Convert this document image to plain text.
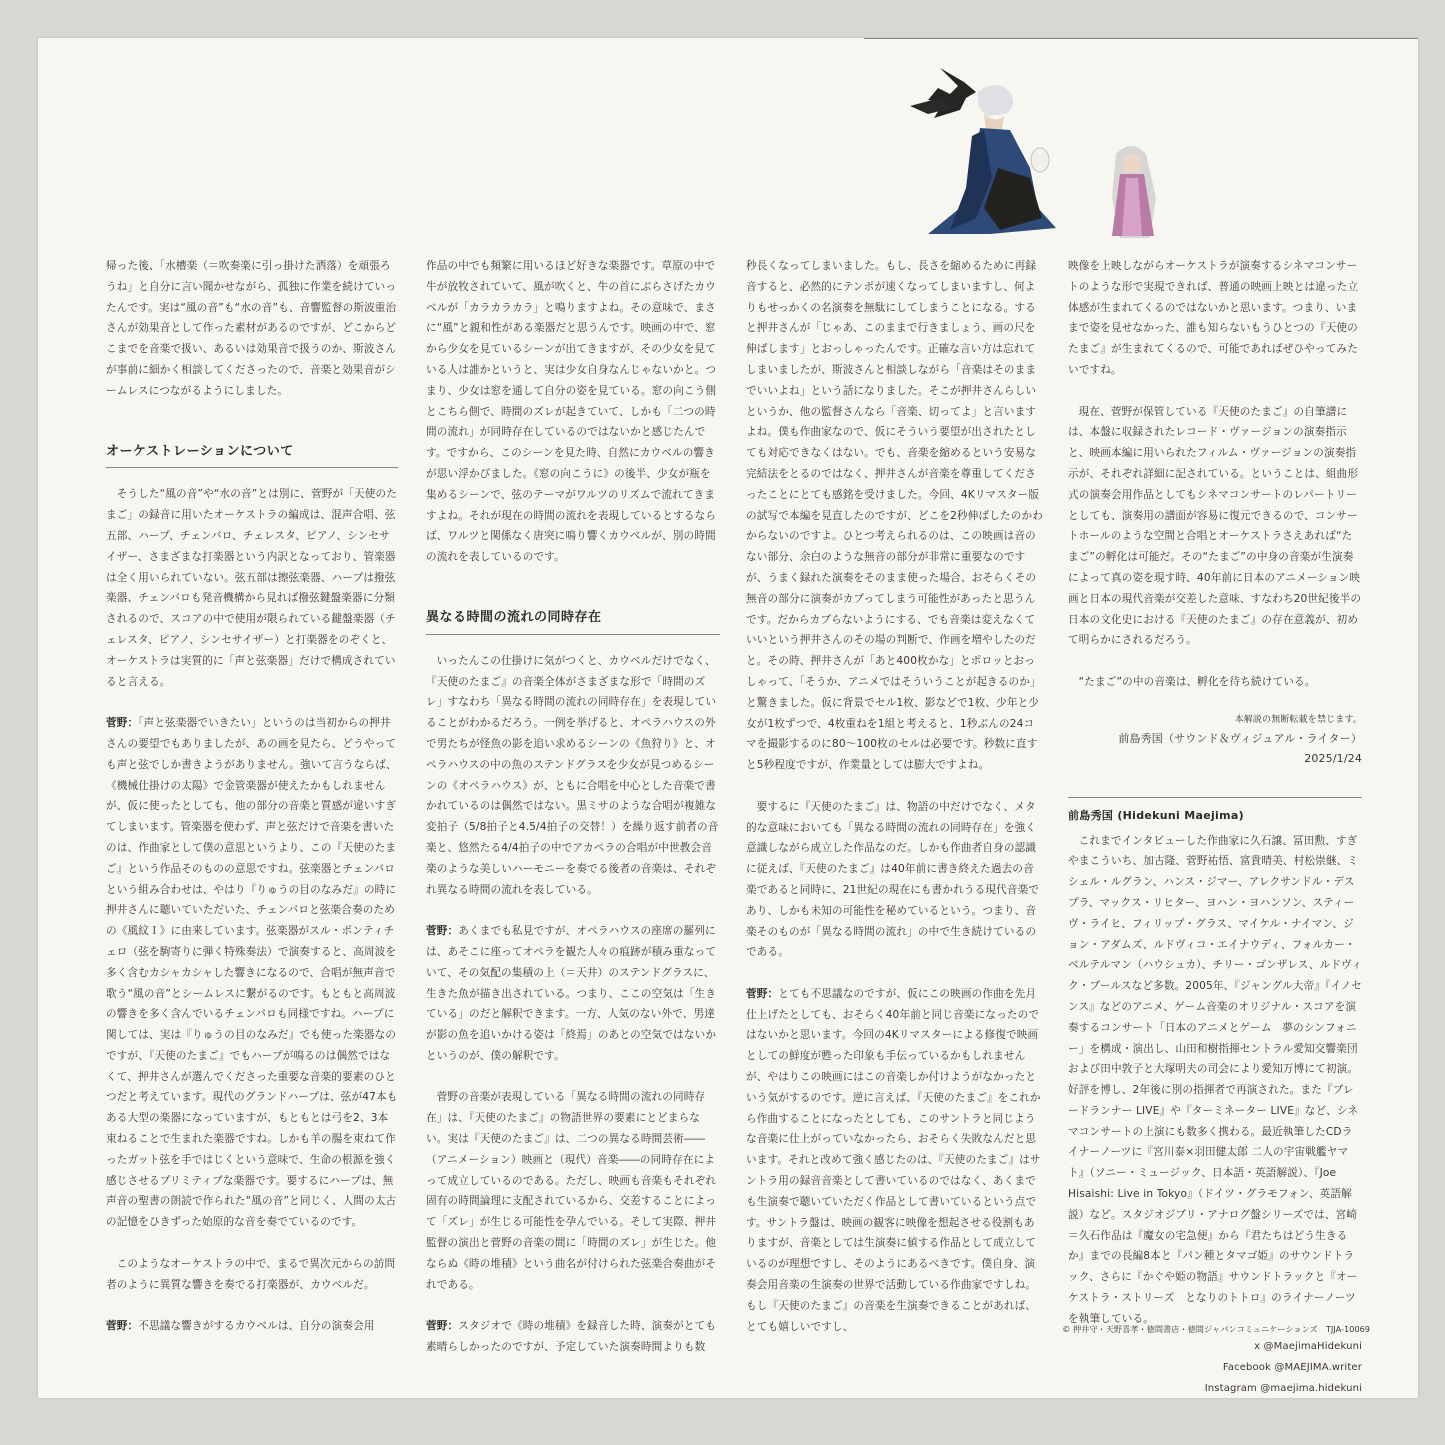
帰った後、「水槽楽（＝吹奏楽に引っ掛けた洒落）を頑張ろうね」と自分に言い聞かせながら、孤独に作業を続けていったんです。実は“風の音”も“水の音”も、音響監督の斯波重治さんが効果音として作った素材があるのですが、どこからどこまでを音楽で扱い、あるいは効果音で扱うのか、斯波さんが事前に細かく相談してくださったので、音楽と効果音がシームレスにつながるようにしました。

オーケストレーションについて

そうした“風の音”や“水の音”とは別に、菅野が「天使のたまご」の録音に用いたオーケストラの編成は、混声合唱、弦五部、ハープ、チェンバロ、チェレスタ、ピアノ、シンセサイザー、さまざまな打楽器という内訳となっており、管楽器は全く用いられていない。弦五部は擦弦楽器、ハープは撥弦楽器、チェンバロも発音機構から見れば撥弦鍵盤楽器に分類されるので、スコアの中で使用が限られている鍵盤楽器（チェレスタ、ピアノ、シンセサイザー）と打楽器をのぞくと、オーケストラは実質的に「声と弦楽器」だけで構成されていると言える。

菅野：「声と弦楽器でいきたい」というのは当初からの押井さんの要望でもありましたが、あの画を見たら、どうやっても声と弦でしか書きようがありません。強いて言うならば、《機械仕掛けの太陽》で金管楽器が使えたかもしれませんが、仮に使ったとしても、他の部分の音楽と質感が違いすぎてしまいます。管楽器を使わず、声と弦だけで音楽を書いたのは、作曲家として僕の意思というより、この『天使のたまご』という作品そのものの意思ですね。弦楽器とチェンバロという組み合わせは、やはり『りゅうの目のなみだ』の時に押井さんに聴いていただいた、チェンバロと弦楽合奏のための《風紋Ｉ》に由来しています。弦楽器がスル・ポンティチェロ（弦を駒寄りに弾く特殊奏法）で演奏すると、高周波を多く含むカシャカシャした響きになるので、合唱が無声音で歌う“風の音”とシームレスに繋がるのです。もともと高周波の響きを多く含んでいるチェンバロも同様ですね。ハープに関しては、実は『りゅうの目のなみだ』でも使った楽器なのですが、『天使のたまご』でもハープが鳴るのは偶然ではなくて、押井さんが選んでくださった重要な音楽的要素のひとつだと考えています。現代のグランドハープは、弦が47本もある大型の楽器になっていますが、もともとは弓を2、3本束ねることで生まれた楽器ですね。しかも羊の腸を束ねて作ったガット弦を手ではじくという意味で、生命の根源を強く感じさせるプリミティブな楽器です。要するにハープは、無声音の聖書の朗読で作られた“風の音”と同じく、人間の太古の記憶をひきずった始原的な音を奏でているのです。

このようなオーケストラの中で、まるで異次元からの訪問者のように異質な響きを奏でる打楽器が、カウベルだ。

菅野：不思議な響きがするカウベルは、自分の演奏会用

作品の中でも頻繁に用いるほど好きな楽器です。草原の中で牛が放牧されていて、風が吹くと、牛の首にぶらさげたカウベルが「カラカラカラ」と鳴りますよね。その意味で、まさに“風”と親和性がある楽器だと思うんです。映画の中で、窓から少女を見ているシーンが出てきますが、その少女を見ている人は誰かというと、実は少女自身なんじゃないかと。つまり、少女は窓を通して自分の姿を見ている。窓の向こう側とこちら側で、時間のズレが起きていて、しかも「二つの時間の流れ」が同時存在しているのではないかと感じたんです。ですから、このシーンを見た時、自然にカウベルの響きが思い浮かびました。《窓の向こうに》の後半、少女が瓶を集めるシーンで、弦のテーマがワルツのリズムで流れてきますよね。それが現在の時間の流れを表現しているとするならば、ワルツと関係なく唐突に鳴り響くカウベルが、別の時間の流れを表しているのです。

異なる時間の流れの同時存在

いったんこの仕掛けに気がつくと、カウベルだけでなく、『天使のたまご』の音楽全体がさまざまな形で「時間のズレ」すなわち「異なる時間の流れの同時存在」を表現していることがわかるだろう。一例を挙げると、オペラハウスの外で男たちが怪魚の影を追い求めるシーンの《魚狩り》と、オペラハウスの中の魚のステンドグラスを少女が見つめるシーンの《オペラハウス》が、ともに合唱を中心とした音楽で書かれているのは偶然ではない。黒ミサのような合唱が複雑な変拍子（5/8拍子と4.5/4拍子の交替！）を繰り返す前者の音楽と、悠然たる4/4拍子の中でアカペラの合唱が中世教会音楽のような美しいハーモニーを奏でる後者の音楽は、それぞれ異なる時間の流れを表している。

菅野：あくまでも私見ですが、オペラハウスの座席の羅列には、あそこに座ってオペラを観た人々の痕跡が積み重なっていて、その気配の集積の上（＝天井）のステンドグラスに、生きた魚が描き出されている。つまり、ここの空気は「生きている」のだと解釈できます。一方、人気のない外で、男達が影の魚を追いかける姿は「終焉」のあとの空気ではないかというのが、僕の解釈です。

菅野の音楽が表現している「異なる時間の流れの同時存在」は、『天使のたまご』の物語世界の要素にとどまらない。実は『天使のたまご』は、二つの異なる時間芸術――（アニメーション）映画と（現代）音楽――の同時存在によって成立しているのである。ただし、映画も音楽もそれぞれ固有の時間論理に支配されているから、交差することによって「ズレ」が生じる可能性を孕んでいる。そして実際、押井監督の演出と菅野の音楽の間に「時間のズレ」が生じた。他ならぬ《時の堆積》という曲名が付けられた弦楽合奏曲がそれである。

菅野：スタジオで《時の堆積》を録音した時、演奏がとても素晴らしかったのですが、予定していた演奏時間よりも数

秒長くなってしまいました。もし、長さを縮めるために再録音すると、必然的にテンポが速くなってしまいますし、何よりもせっかくの名演奏を無駄にしてしまうことになる。すると押井さんが「じゃあ、このままで行きましょう、画の尺を伸ばします」とおっしゃったんです。正確な言い方は忘れてしまいましたが、斯波さんと相談しながら「音楽はそのままでいいよね」という話になりました。そこが押井さんらしいというか、他の監督さんなら「音楽、切ってよ」と言いますよね。僕も作曲家なので、仮にそういう要望が出されたとしても対応できなくはない。でも、音楽を縮めるという安易な完結法をとるのではなく、押井さんが音楽を尊重してくださったことにとても感銘を受けました。今回、4Kリマスター版の試写で本編を見直したのですが、どこを2秒伸ばしたのかわからないのですよ。ひとつ考えられるのは、この映画は音のない部分、余白のような無音の部分が非常に重要なのですが、うまく録れた演奏をそのまま使った場合、おそらくその無音の部分に演奏がカブってしまう可能性があったと思うんです。だからカブらないようにする、でも音楽は変えなくていいという押井さんのその場の判断で、作画を増やしたのだと。その時、押井さんが「あと400枚かな」とポロッとおっしゃって、「そうか、アニメではそういうことが起きるのか」と驚きました。仮に背景でセル1枚、影などで1枚、少年と少女が1枚ずつで、4枚重ねを1組と考えると、1秒ぶんの24コマを撮影するのに80～100枚のセルは必要です。秒数に直すと5秒程度ですが、作業量としては膨大ですよね。

要するに『天使のたまご』は、物語の中だけでなく、メタ的な意味においても「異なる時間の流れの同時存在」を強く意識しながら成立した作品なのだ。しかも作曲者自身の認識に従えば、『天使のたまご』は40年前に書き終えた過去の音楽であると同時に、21世紀の現在にも書かれうる現代音楽であり、しかも未知の可能性を秘めているという。つまり、音楽そのものが「異なる時間の流れ」の中で生き続けているのである。

菅野：とても不思議なのですが、仮にこの映画の作曲を先月仕上げたとしても、おそらく40年前と同じ音楽になったのではないかと思います。今回の4Kリマスターによる修復で映画としての鮮度が甦った印象も手伝っているかもしれませんが、やはりこの映画にはこの音楽しか付けようがなかったという気がするのです。逆に言えば、『天使のたまご』をこれから作曲することになったとしても、このサントラと同じような音楽に仕上がっていなかったら、おそらく失敗なんだと思います。それと改めて強く感じたのは、『天使のたまご』はサントラ用の録音音楽として書いているのではなく、あくまでも生演奏で聴いていただく作品として書いているという点です。サントラ盤は、映画の観客に映像を想起させる役割もありますが、音楽としては生演奏に値する作品として成立しているのが理想ですし、そのようにあるべきです。僕自身、演奏会用音楽の生演奏の世界で活動している作曲家ですしね。もし『天使のたまご』の音楽を生演奏できることがあれば、とても嬉しいですし、

映像を上映しながらオーケストラが演奏するシネマコンサートのような形で実現できれば、普通の映画上映とは違った立体感が生まれてくるのではないかと思います。つまり、いままで姿を見せなかった、誰も知らないもうひとつの『天使のたまご』が生まれてくるので、可能であればぜひやってみたいですね。

現在、菅野が保管している『天使のたまご』の自筆譜には、本盤に収録されたレコード・ヴァージョンの演奏指示と、映画本編に用いられたフィルム・ヴァージョンの演奏指示が、それぞれ詳細に記されている。ということは、組曲形式の演奏会用作品としてもシネマコンサートのレパートリーとしても、演奏用の譜面が容易に復元できるので、コンサートホールのような空間と合唱とオーケストラさえあれば“たまご”の孵化は可能だ。その“たまご”の中身の音楽が生演奏によって真の姿を現す時、40年前に日本のアニメーション映画と日本の現代音楽が交差した意味、すなわち20世紀後半の日本の文化史における『天使のたまご』の存在意義が、初めて明らかにされるだろう。

“たまご”の中の音楽は、孵化を待ち続けている。

本解説の無断転載を禁じます。
前島秀国（サウンド＆ヴィジュアル・ライター）
2025/1/24
前島秀国 (Hidekuni Maejima)

これまでインタビューした作曲家に久石譲、冨田勲、すぎやまこういち、加古隆、菅野祐悟、富貴晴美、村松崇継、ミシェル・ルグラン、ハンス・ジマー、アレクサンドル・デスプラ、マックス・リヒター、ヨハン・ヨハンソン、スティーヴ・ライヒ、フィリップ・グラス、マイケル・ナイマン、ジョン・アダムズ、ルドヴィコ・エイナウディ、フォルカー・ベルテルマン（ハウシュカ）、チリー・ゴンザレス、ルドヴィク・ブールスなど多数。2005年、『ジャングル大帝』『イノセンス』などのアニメ、ゲーム音楽のオリジナル・スコアを演奏するコンサート「日本のアニメとゲーム　夢のシンフォニー」を構成・演出し、山田和樹指揮セントラル愛知交響楽団および田中敦子と大塚明夫の司会により愛知万博にて初演。好評を博し、2年後に別の指揮者で再演された。また『ブレードランナー LIVE』や『ターミネーター LIVE』など、シネマコンサートの上演にも数多く携わる。最近執筆したCDライナーノーツに『宮川泰×羽田健太郎 二人の宇宙戦艦ヤマト』（ソニー・ミュージック、日本語・英語解説）、『Joe Hisaishi: Live in Tokyo』（ドイツ・グラモフォン、英語解説）など。スタジオジブリ・アナログ盤シリーズでは、宮崎＝久石作品は『魔女の宅急便』から『君たちはどう生きるか』までの長編8本と『パン種とタマゴ姫』のサウンドトラック、さらに『かぐや姫の物語』サウンドトラックと『オーケストラ・ストリーズ　となりのトトロ』のライナーノーツを執筆している。

x @MaejimaHidekuni
Facebook @MAEJIMA.writer
Instagram @maejima.hidekuni
© 押井守・天野喜孝・徳間書店・徳間ジャパンコミュニケーションズ　TJJA-10069
